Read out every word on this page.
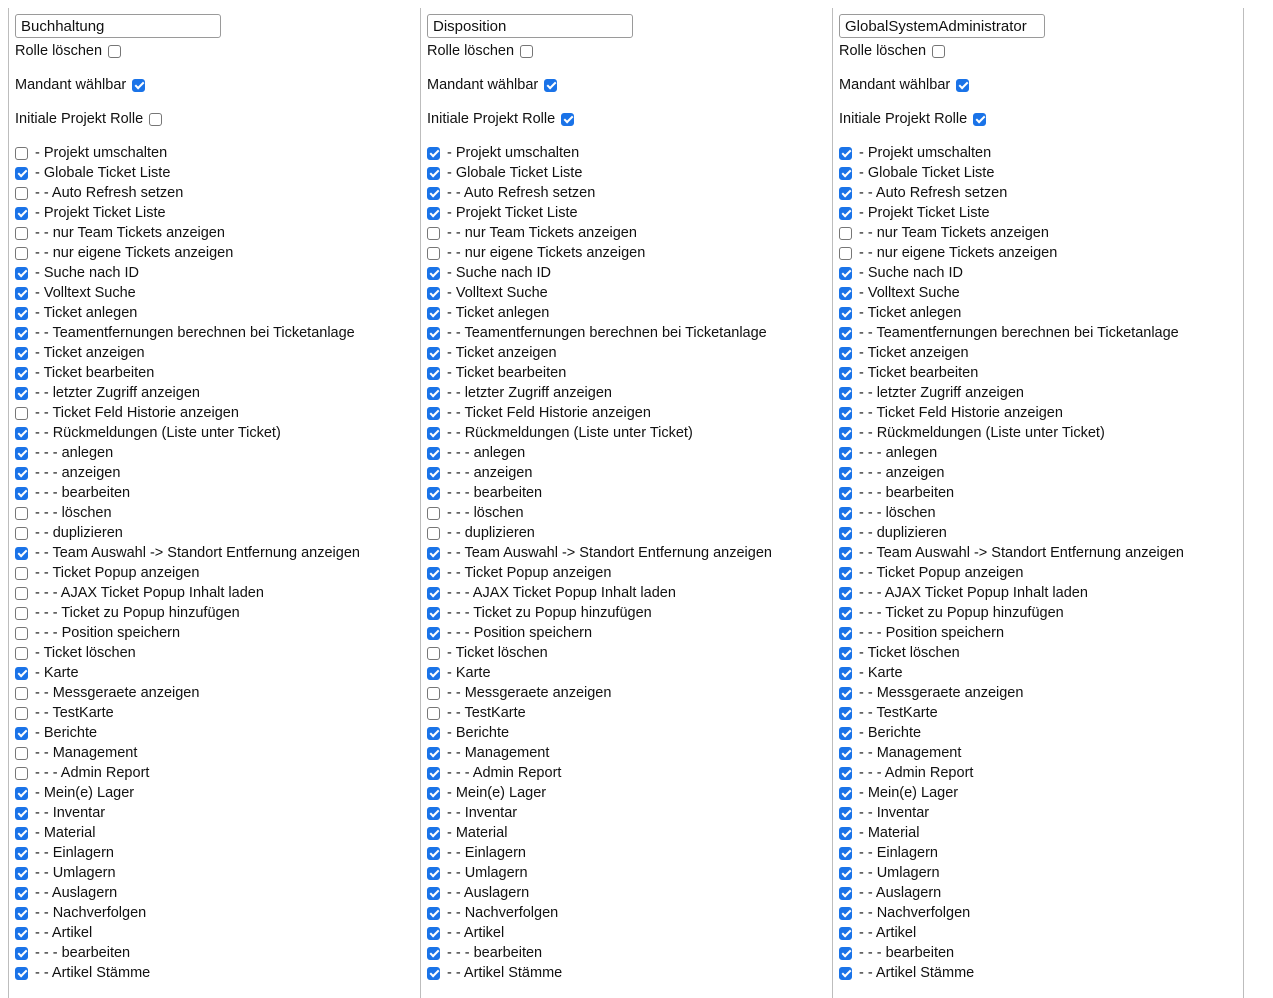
Buchhaltung
Rolle löschen
Mandant wählbar
Initiale Projekt Rolle
- Projekt umschalten
- Globale Ticket Liste
- - Auto Refresh setzen
- Projekt Ticket Liste
- - nur Team Tickets anzeigen
- - nur eigene Tickets anzeigen
- Suche nach ID
- Volltext Suche
- Ticket anlegen
- - Teamentfernungen berechnen bei Ticketanlage
- Ticket anzeigen
- Ticket bearbeiten
- - letzter Zugriff anzeigen
- - Ticket Feld Historie anzeigen
- - Rückmeldungen (Liste unter Ticket)
- - - anlegen
- - - anzeigen
- - - bearbeiten
- - - löschen
- - duplizieren
- - Team Auswahl -> Standort Entfernung anzeigen
- - Ticket Popup anzeigen
- - - AJAX Ticket Popup Inhalt laden
- - - Ticket zu Popup hinzufügen
- - - Position speichern
- Ticket löschen
- Karte
- - Messgeraete anzeigen
- - TestKarte
- Berichte
- - Management
- - - Admin Report
- Mein(e) Lager
- - Inventar
- Material
- - Einlagern
- - Umlagern
- - Auslagern
- - Nachverfolgen
- - Artikel
- - - bearbeiten
- - Artikel Stämme
Disposition
Rolle löschen
Mandant wählbar
Initiale Projekt Rolle
- Projekt umschalten
- Globale Ticket Liste
- - Auto Refresh setzen
- Projekt Ticket Liste
- - nur Team Tickets anzeigen
- - nur eigene Tickets anzeigen
- Suche nach ID
- Volltext Suche
- Ticket anlegen
- - Teamentfernungen berechnen bei Ticketanlage
- Ticket anzeigen
- Ticket bearbeiten
- - letzter Zugriff anzeigen
- - Ticket Feld Historie anzeigen
- - Rückmeldungen (Liste unter Ticket)
- - - anlegen
- - - anzeigen
- - - bearbeiten
- - - löschen
- - duplizieren
- - Team Auswahl -> Standort Entfernung anzeigen
- - Ticket Popup anzeigen
- - - AJAX Ticket Popup Inhalt laden
- - - Ticket zu Popup hinzufügen
- - - Position speichern
- Ticket löschen
- Karte
- - Messgeraete anzeigen
- - TestKarte
- Berichte
- - Management
- - - Admin Report
- Mein(e) Lager
- - Inventar
- Material
- - Einlagern
- - Umlagern
- - Auslagern
- - Nachverfolgen
- - Artikel
- - - bearbeiten
- - Artikel Stämme
GlobalSystemAdministrator
Rolle löschen
Mandant wählbar
Initiale Projekt Rolle
- Projekt umschalten
- Globale Ticket Liste
- - Auto Refresh setzen
- Projekt Ticket Liste
- - nur Team Tickets anzeigen
- - nur eigene Tickets anzeigen
- Suche nach ID
- Volltext Suche
- Ticket anlegen
- - Teamentfernungen berechnen bei Ticketanlage
- Ticket anzeigen
- Ticket bearbeiten
- - letzter Zugriff anzeigen
- - Ticket Feld Historie anzeigen
- - Rückmeldungen (Liste unter Ticket)
- - - anlegen
- - - anzeigen
- - - bearbeiten
- - - löschen
- - duplizieren
- - Team Auswahl -> Standort Entfernung anzeigen
- - Ticket Popup anzeigen
- - - AJAX Ticket Popup Inhalt laden
- - - Ticket zu Popup hinzufügen
- - - Position speichern
- Ticket löschen
- Karte
- - Messgeraete anzeigen
- - TestKarte
- Berichte
- - Management
- - - Admin Report
- Mein(e) Lager
- - Inventar
- Material
- - Einlagern
- - Umlagern
- - Auslagern
- - Nachverfolgen
- - Artikel
- - - bearbeiten
- - Artikel Stämme
